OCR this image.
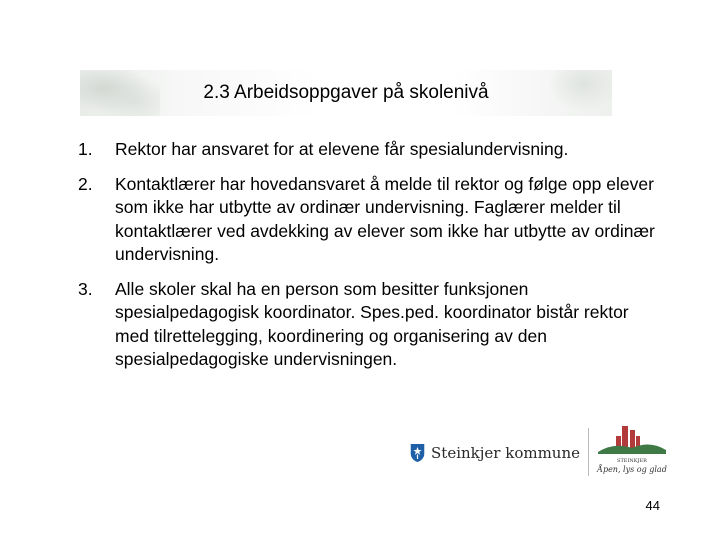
2.3 Arbeidsoppgaver på skolenivå
1. Rektor har ansvaret for at elevene får spesialundervisning.
2. Kontaktlærer har hovedansvaret å melde til rektor og følge opp elever som ikke har utbytte av ordinær undervisning. Faglærer melder til kontaktlærer ved avdekking av elever som ikke har utbytte av ordinær undervisning.
3. Alle skoler skal ha en person som besitter funksjonen spesialpedagogisk koordinator. Spes.ped. koordinator bistår rektor med tilrettelegging, koordinering og organisering av den spesialpedagogiske undervisningen.
Steinkjer kommune	STEINKJER
Åpen, lys og glad
44
